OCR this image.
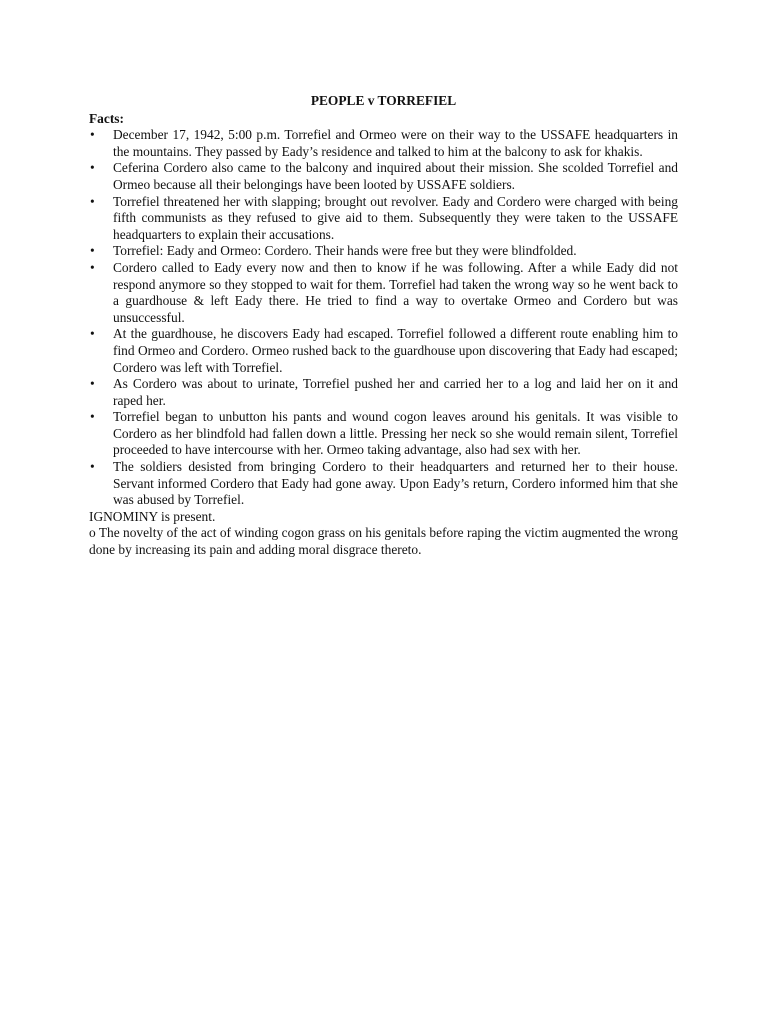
PEOPLE v TORREFIEL
Facts:
• December 17, 1942, 5:00 p.m. Torrefiel and Ormeo were on their way to the USSAFE headquarters in the mountains. They passed by Eady’s residence and talked to him at the balcony to ask for khakis.
• Ceferina Cordero also came to the balcony and inquired about their mission. She scolded Torrefiel and Ormeo because all their belongings have been looted by USSAFE soldiers.
• Torrefiel threatened her with slapping; brought out revolver. Eady and Cordero were charged with being fifth communists as they refused to give aid to them. Subsequently they were taken to the USSAFE headquarters to explain their accusations.
• Torrefiel: Eady and Ormeo: Cordero. Their hands were free but they were blindfolded.
• Cordero called to Eady every now and then to know if he was following. After a while Eady did not respond anymore so they stopped to wait for them. Torrefiel had taken the wrong way so he went back to a guardhouse & left Eady there. He tried to find a way to overtake Ormeo and Cordero but was unsuccessful.
• At the guardhouse, he discovers Eady had escaped. Torrefiel followed a different route enabling him to find Ormeo and Cordero. Ormeo rushed back to the guardhouse upon discovering that Eady had escaped; Cordero was left with Torrefiel.
• As Cordero was about to urinate, Torrefiel pushed her and carried her to a log and laid her on it and raped her.
• Torrefiel began to unbutton his pants and wound cogon leaves around his genitals. It was visible to Cordero as her blindfold had fallen down a little. Pressing her neck so she would remain silent, Torrefiel proceeded to have intercourse with her. Ormeo taking advantage, also had sex with her.
• The soldiers desisted from bringing Cordero to their headquarters and returned her to their house. Servant informed Cordero that Eady had gone away. Upon Eady’s return, Cordero informed him that she was abused by Torrefiel.

IGNOMINY is present.

o The novelty of the act of winding cogon grass on his genitals before raping the victim augmented the wrong done by increasing its pain and adding moral disgrace thereto.
